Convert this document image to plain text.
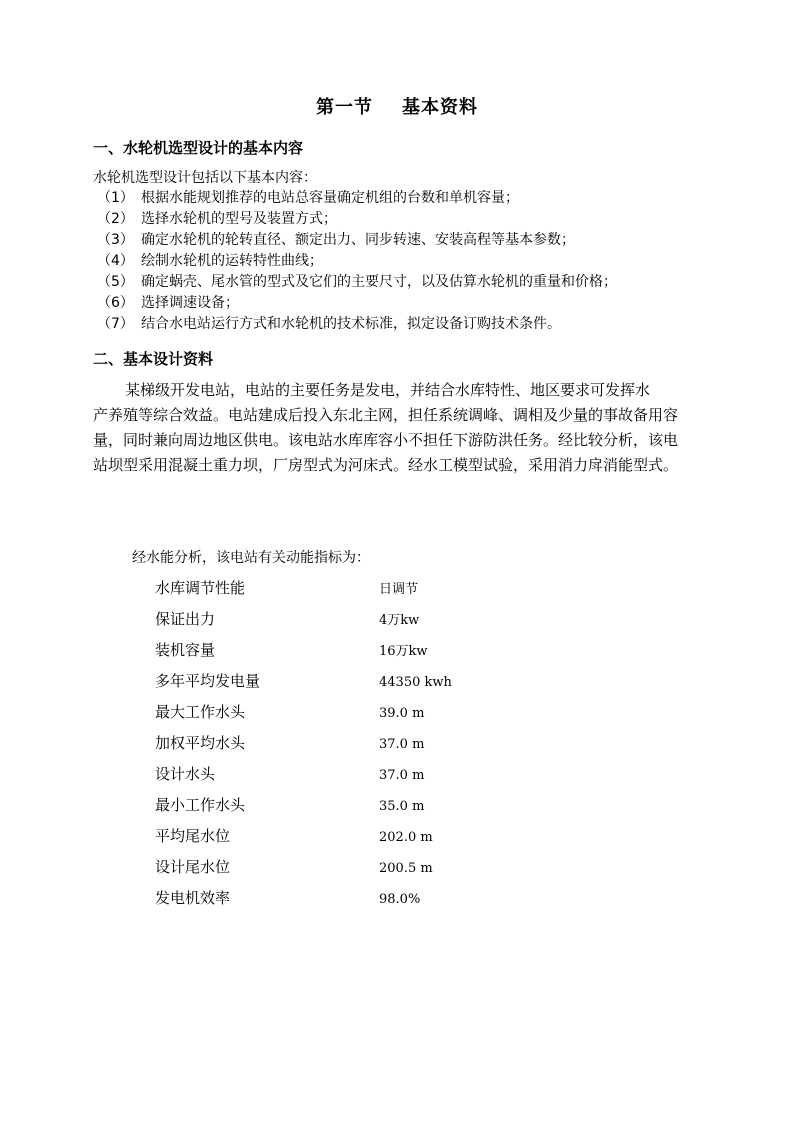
第一节    基本资料
一、水轮机选型设计的基本内容
水轮机选型设计包括以下基本内容：
（1） 根据水能规划推荐的电站总容量确定机组的台数和单机容量；
（2） 选择水轮机的型号及装置方式；
（3） 确定水轮机的轮转直径、额定出力、同步转速、安装高程等基本参数；
（4） 绘制水轮机的运转特性曲线；
（5） 确定蜗壳、尾水管的型式及它们的主要尺寸，以及估算水轮机的重量和价格；
（6） 选择调速设备；
（7） 结合水电站运行方式和水轮机的技术标准，拟定设备订购技术条件。
二、基本设计资料

某梯级开发电站，电站的主要任务是发电，并结合水库特性、地区要求可发挥水
产养殖等综合效益。电站建成后投入东北主网，担任系统调峰、调相及少量的事故备用容
量，同时兼向周边地区供电。该电站水库库容小不担任下游防洪任务。经比较分析，该电
站坝型采用混凝土重力坝，厂房型式为河床式。经水工模型试验，采用消力戽消能型式。

经水能分析，该电站有关动能指标为：
水库调节性能	日调节
保证出力	4万kw
装机容量	16万kw
多年平均发电量	44350 kwh
最大工作水头	39.0 m
加权平均水头	37.0 m
设计水头	37.0 m
最小工作水头	35.0 m
平均尾水位	202.0 m
设计尾水位	200.5 m
发电机效率	98.0%
